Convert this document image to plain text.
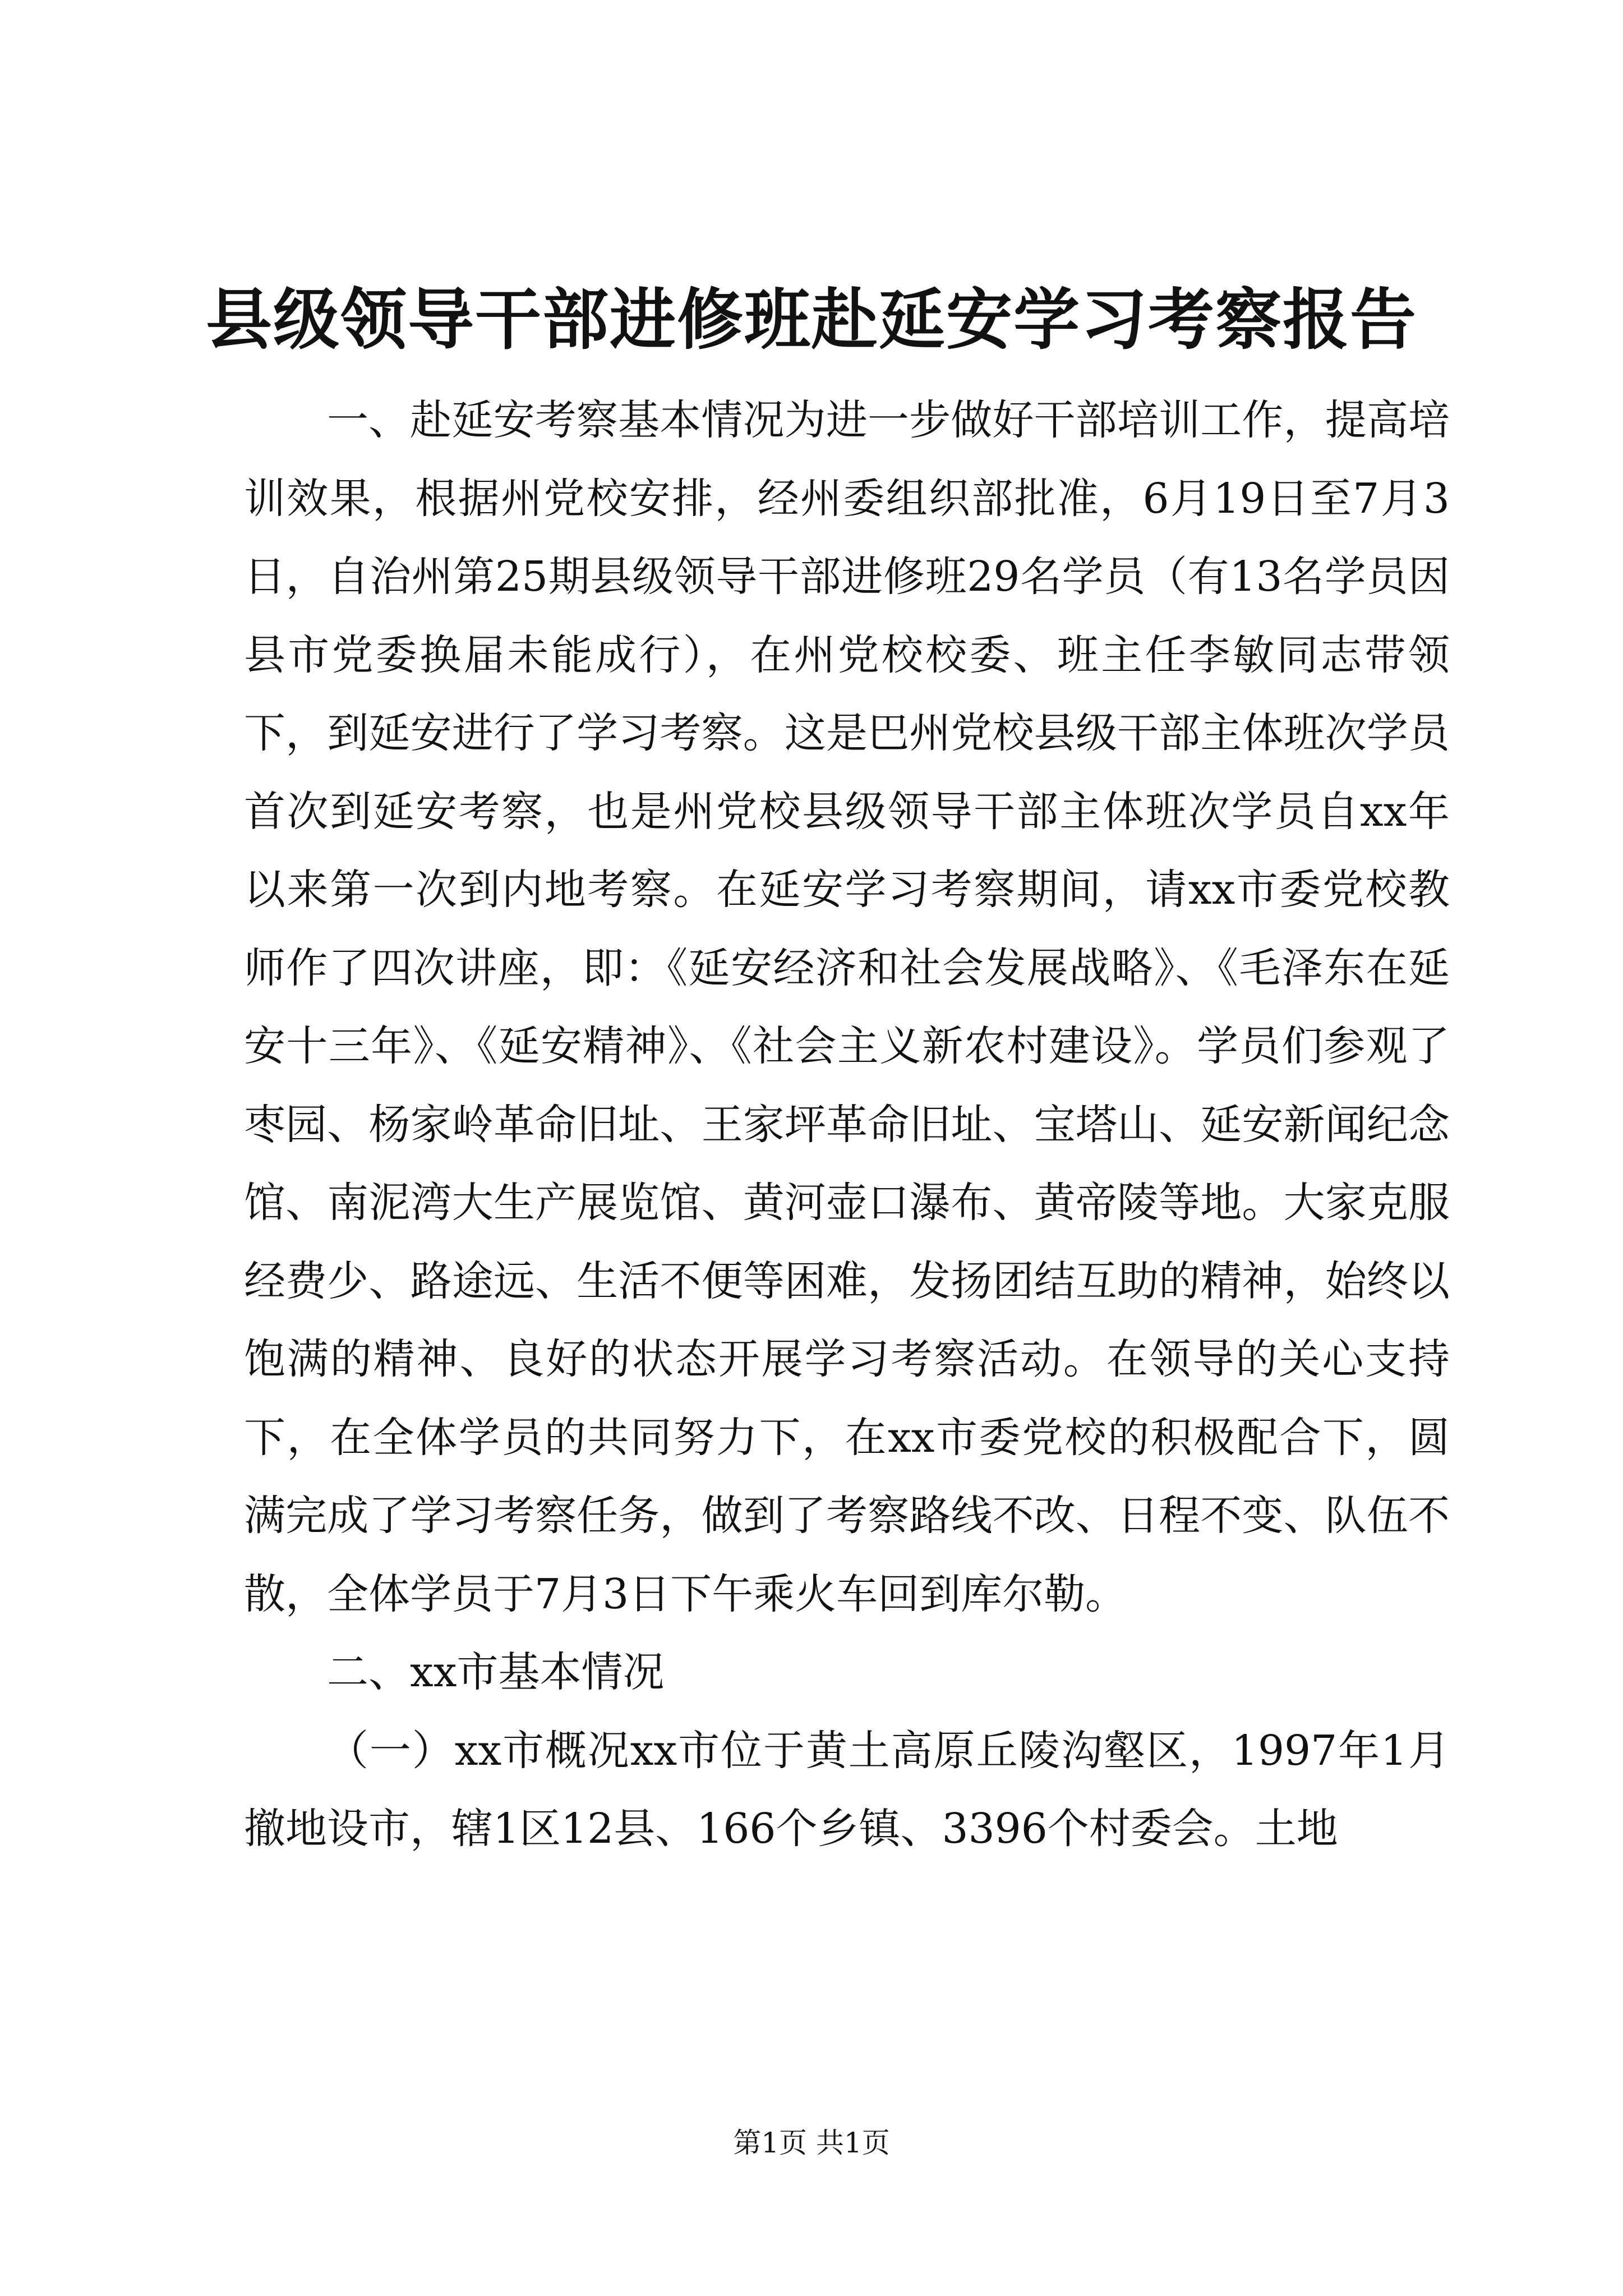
县级领导干部进修班赴延安学习考察报告

一、赴延安考察基本情况为进一步做好干部培训工作，提高培训效果，根据州党校安排，经州委组织部批准，6月19日至7月3日，自治州第25期县级领导干部进修班29名学员（有13名学员因县市党委换届未能成行），在州党校校委、班主任李敏同志带领下，到延安进行了学习考察。这是巴州党校县级干部主体班次学员首次到延安考察，也是州党校县级领导干部主体班次学员自xx年以来第一次到内地考察。在延安学习考察期间，请xx市委党校教师作了四次讲座，即：《延安经济和社会发展战略》、《毛泽东在延安十三年》、《延安精神》、《社会主义新农村建设》。学员们参观了枣园、杨家岭革命旧址、王家坪革命旧址、宝塔山、延安新闻纪念馆、南泥湾大生产展览馆、黄河壶口瀑布、黄帝陵等地。大家克服经费少、路途远、生活不便等困难，发扬团结互助的精神，始终以饱满的精神、良好的状态开展学习考察活动。在领导的关心支持下，在全体学员的共同努力下，在xx市委党校的积极配合下，圆满完成了学习考察任务，做到了考察路线不改、日程不变、队伍不散，全体学员于7月3日下午乘火车回到库尔勒。

二、xx市基本情况

（一）xx市概况xx市位于黄土高原丘陵沟壑区，1997年1月撤地设市，辖1区12县、166个乡镇、3396个村委会。土地

第1页 共1页
